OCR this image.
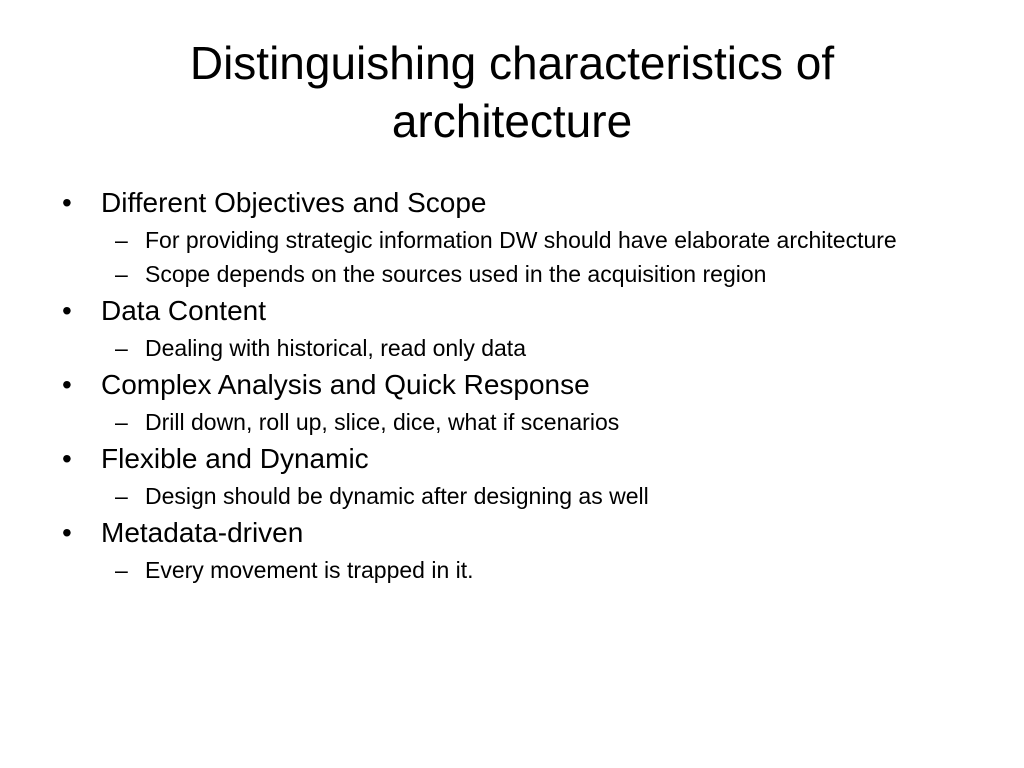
Distinguishing characteristics of architecture
•	Different Objectives and Scope
– For providing strategic information DW should have elaborate architecture
– Scope depends on the sources used in the acquisition region
•	Data Content
– Dealing with historical, read only data
•	Complex Analysis and Quick Response
– Drill down, roll up, slice, dice, what if scenarios
•	Flexible and Dynamic
– Design should be dynamic after designing as well
•	Metadata-driven
– Every movement is trapped in it.
